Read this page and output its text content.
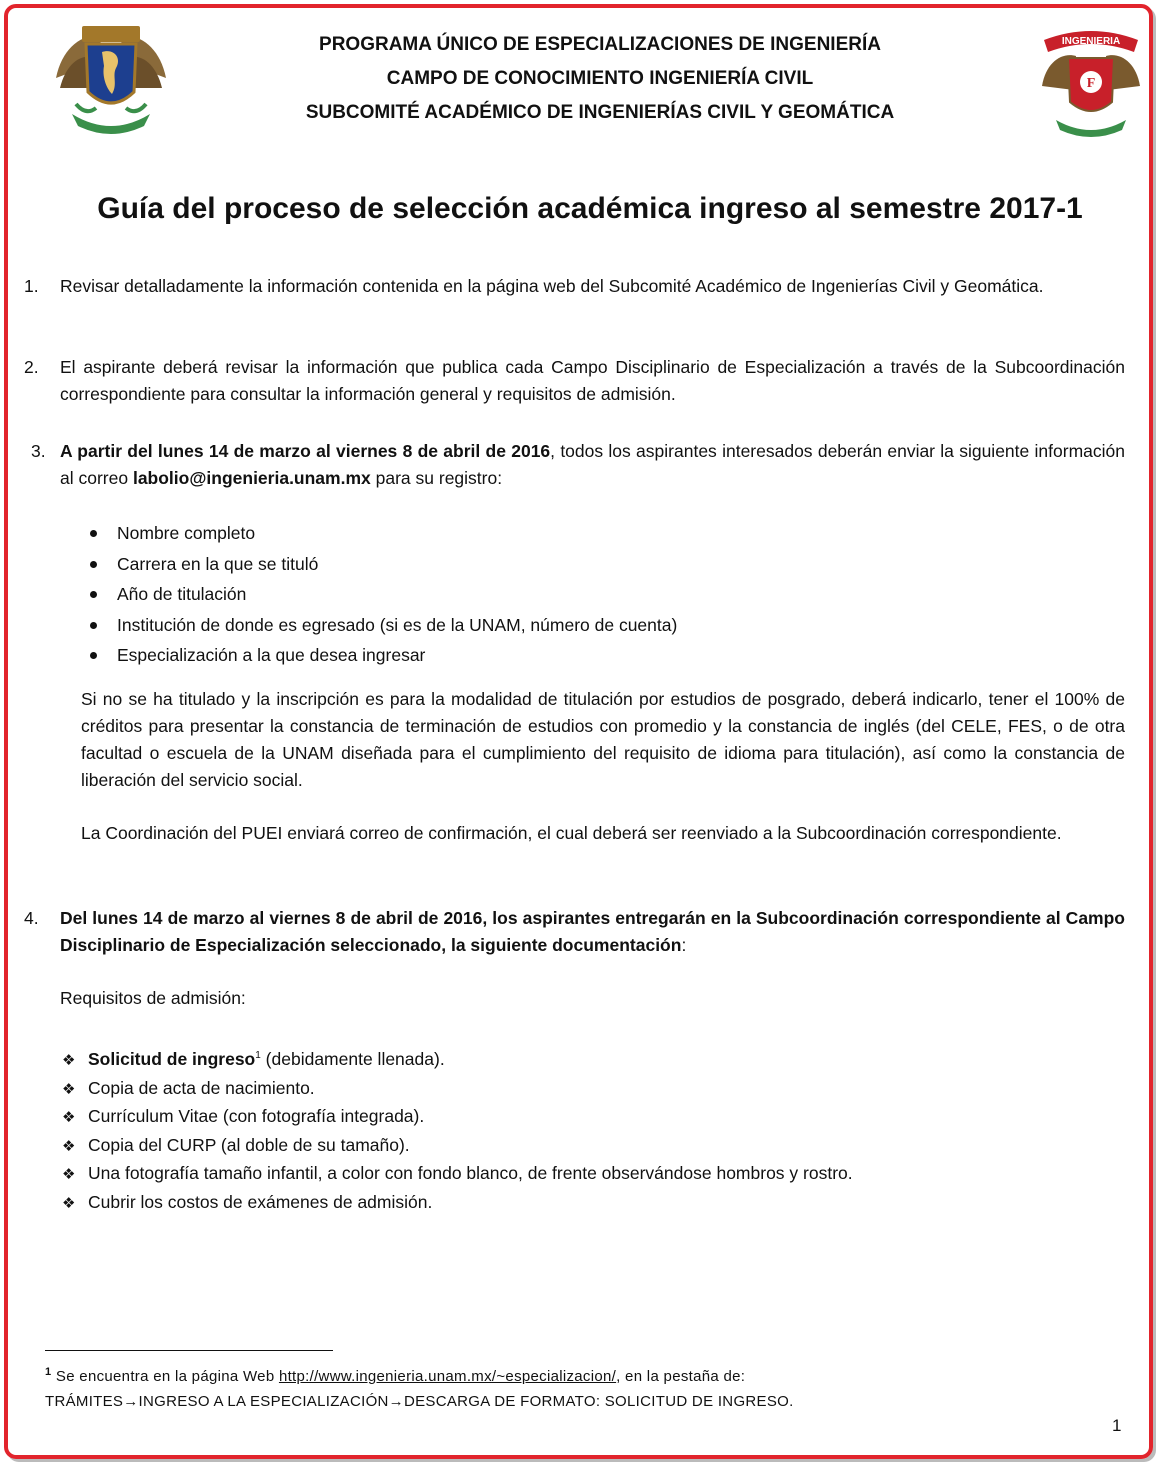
INGENIERIA
F
PROGRAMA ÚNICO DE ESPECIALIZACIONES DE INGENIERÍA
CAMPO DE CONOCIMIENTO INGENIERÍA CIVIL
SUBCOMITÉ ACADÉMICO DE INGENIERÍAS CIVIL Y GEOMÁTICA
Guía del proceso de selección académica ingreso al semestre 2017-1
1. Revisar detalladamente la información contenida en la página web del Subcomité Académico de Ingenierías Civil y Geomática.
2. El aspirante deberá revisar la información que publica cada Campo Disciplinario de Especialización a través de la Subcoordinación correspondiente para consultar la información general y requisitos de admisión.
3. A partir del lunes 14 de marzo al viernes 8 de abril de 2016, todos los aspirantes interesados deberán enviar la siguiente información al correo labolio@ingenieria.unam.mx para su registro:
Nombre completo
Carrera en la que se tituló
Año de titulación
Institución de donde es egresado (si es de la UNAM, número de cuenta)
Especialización a la que desea ingresar
Si no se ha titulado y la inscripción es para la modalidad de titulación por estudios de posgrado, deberá indicarlo, tener el 100% de créditos para presentar la constancia de terminación de estudios con promedio y la constancia de inglés (del CELE, FES, o de otra facultad o escuela de la UNAM diseñada para el cumplimiento del requisito de idioma para titulación), así como la constancia de liberación del servicio social.
La Coordinación del PUEI enviará correo de confirmación, el cual deberá ser reenviado a la Subcoordinación correspondiente.
4. Del lunes 14 de marzo al viernes 8 de abril de 2016, los aspirantes entregarán en la Subcoordinación correspondiente al Campo Disciplinario de Especialización seleccionado, la siguiente documentación:
Requisitos de admisión:
❖ Solicitud de ingreso$^1$ (debidamente llenada).
❖ Copia de acta de nacimiento.
❖ Currículum Vitae (con fotografía integrada).
❖ Copia del CURP (al doble de su tamaño).
❖ Una fotografía tamaño infantil, a color con fondo blanco, de frente observándose hombros y rostro.
❖ Cubrir los costos de exámenes de admisión.
$^1$ Se encuentra en la página Web http://www.ingenieria.unam.mx/~especializacion/, en la pestaña de:
TRÁMITES→INGRESO A LA ESPECIALIZACIÓN→DESCARGA DE FORMATO: SOLICITUD DE INGRESO.
1
